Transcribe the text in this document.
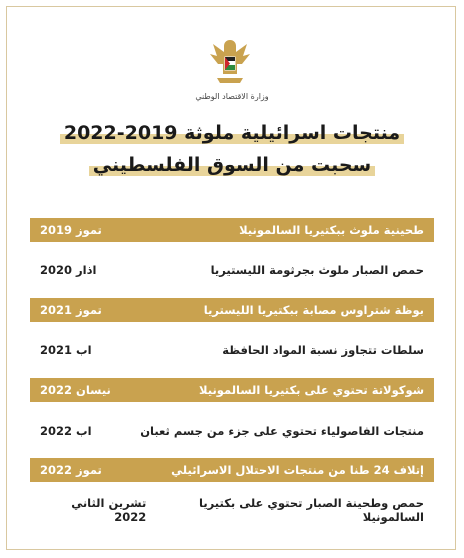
وزارة الاقتصاد الوطني
منتجات اسرائيلية ملوثة 2019-2022
سحبت من السوق الفلسطيني
طحينية ملوث ببكتيريا السالمونيلا
تموز 2019
حمص الصبار ملوث بجرثومة الليستيريا
اذار 2020
بوظة شتراوس مصابة ببكتيريا الليستريا
تموز 2021
سلطات تتجاوز نسبة المواد الحافظة
اب 2021
شوكولاتة تحتوي على بكتيريا السالمونيلا
نيسان 2022
منتجات الفاصولياء تحتوي على جزء من جسم ثعبان
اب 2022
إتلاف 24 طنا من منتجات الاحتلال الاسرائيلي
تموز 2022
حمص وطحينة الصبار تحتوي على بكتيريا السالمونيلا
تشرين الثاني 2022
